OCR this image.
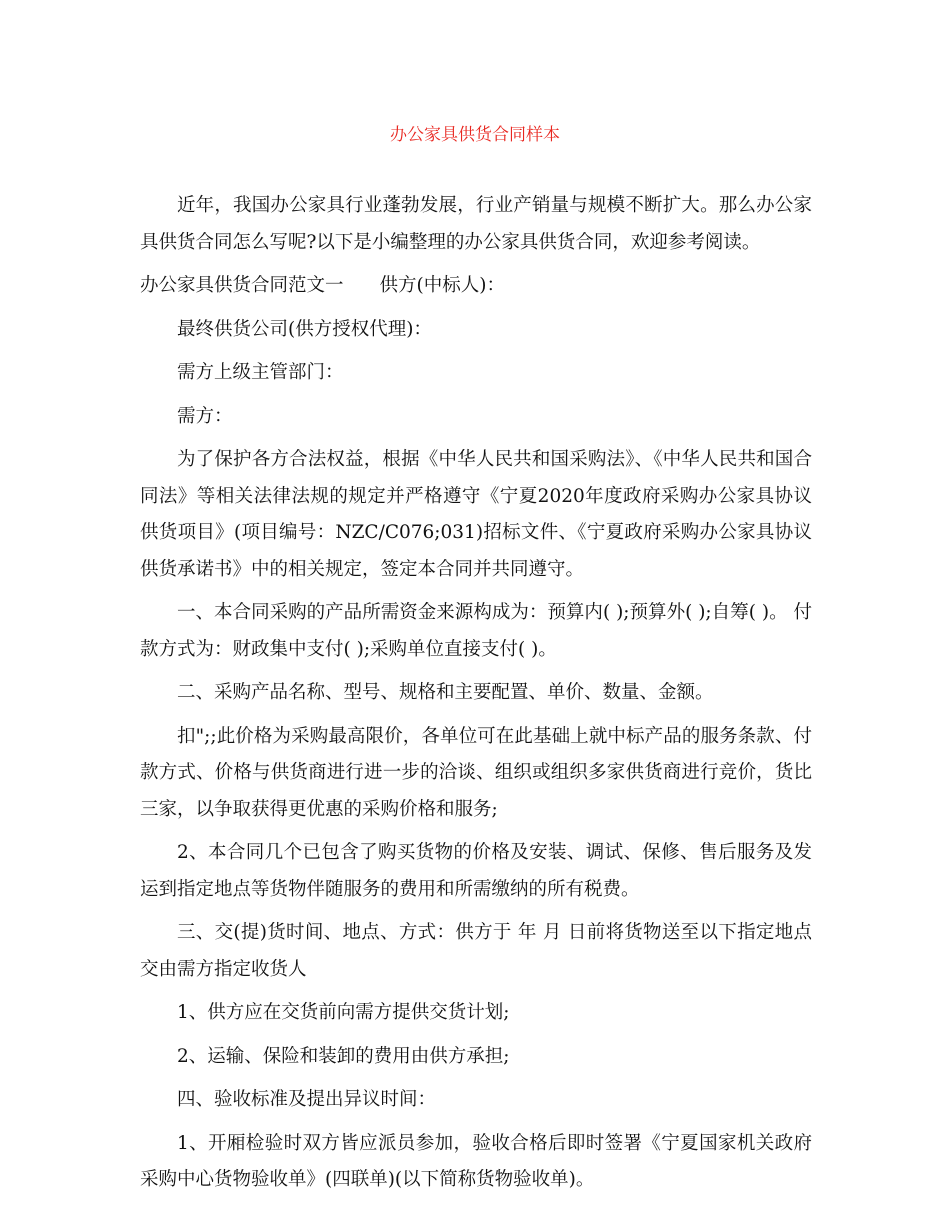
办公家具供货合同样本

近年，我国办公家具行业蓬勃发展，行业产销量与规模不断扩大。那么办公家具供货合同怎么写呢?以下是小编整理的办公家具供货合同，欢迎参考阅读。

办公家具供货合同范文一 供方(中标人)：

最终供货公司(供方授权代理)：

需方上级主管部门：

需方：

为了保护各方合法权益，根据《中华人民共和国采购法》、《中华人民共和国合同法》等相关法律法规的规定并严格遵守《宁夏2020年度政府采购办公家具协议供货项目》(项目编号：NZC/C076;031)招标文件、《宁夏政府采购办公家具协议供货承诺书》中的相关规定，签定本合同并共同遵守。

一、本合同采购的产品所需资金来源构成为：预算内( );预算外( );自筹( )。 付款方式为：财政集中支付( );采购单位直接支付( )。

二、采购产品名称、型号、规格和主要配置、单价、数量、金额。

扣";;此价格为采购最高限价，各单位可在此基础上就中标产品的服务条款、付款方式、价格与供货商进行进一步的洽谈、组织或组织多家供货商进行竞价，货比三家，以争取获得更优惠的采购价格和服务;

2、本合同几个已包含了购买货物的价格及安装、调试、保修、售后服务及发运到指定地点等货物伴随服务的费用和所需缴纳的所有税费。

三、交(提)货时间、地点、方式：供方于 年 月 日前将货物送至以下指定地点交由需方指定收货人

1、供方应在交货前向需方提供交货计划;

2、运输、保险和装卸的费用由供方承担;

四、验收标准及提出异议时间：

1、开厢检验时双方皆应派员参加，验收合格后即时签署《宁夏国家机关政府采购中心货物验收单》(四联单)(以下简称货物验收单)。
